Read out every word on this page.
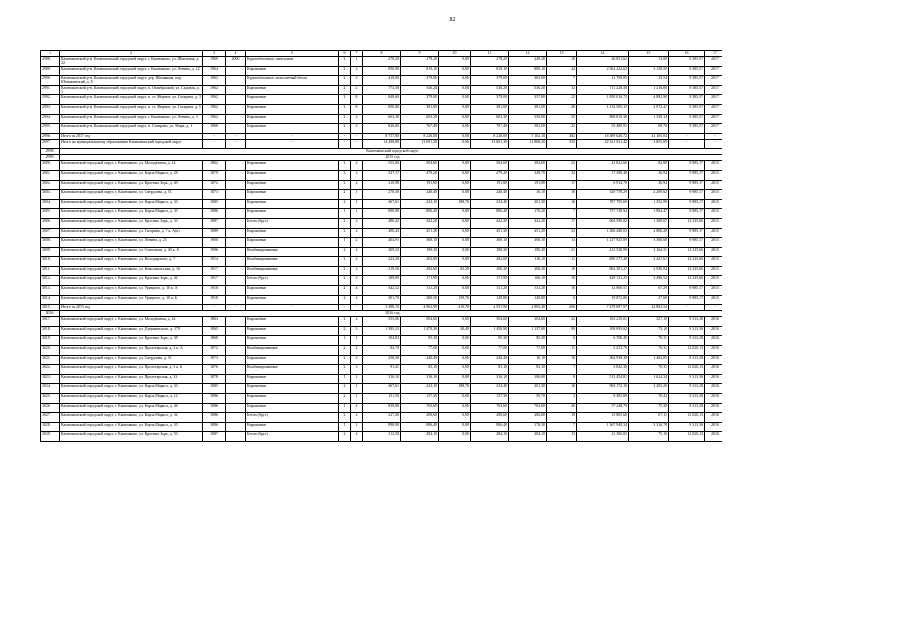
82
1	2	3	4	5	6	7	8	9	10	11	12	13	14	15	16	17
2988.	Камешковский р-н, Камешковский городской округ, г. Камешково, ул. Школьная, д. 22	1960	2000	Крупноблочные, панельные	2	1	278,20	278,20	0,00	278,20	249,30	18	26 851,62	74,80	9 385,57	2017
2989.	Камешковский р-н, Камешковский городской округ, г. Камешково, ул. Ленина, д. 12	1964		Кирпичные	2	2	850,90	819,10	0,00	819,10	800,10	44	2 564 222,63	3 130,59	9 385,57	2017
2990.	Камешковский р-н, Камешковский городской округ, дер. Шемякина, пер. Шемякинский, д. 8	1962		Крупноблочные, монолитный бетон	2	2	419,00	379,00	0,00	379,00	365,00	7	12 709,85	33,54	9 385,57	2017
2991.	Камешковский р-н, Камешковский городской округ, п. Октябрьский, ул. Садовая, д. 1	1962		Кирпичные	2	2	773,30	536,20	0,00	536,20	536,20	32	711 226,38	1 216,80	9 385,57	2017
2992.	Камешковский р-н, Камешковский городской округ, п. ст. Мирное, ул. Гагарина, д. 3	1962		Кирпичные	2	8	848,60	379,00	0,00	379,00	357,80	22	1 850 016,72	4 882,90	9 385,57	2017
2993.	Камешковский р-н, Камешковский городской округ, п. ст. Мирное, ул. Гагарина, д. 5	1962		Кирпичные	2	8	850,00	381,00	0,00	381,00	381,00	26	1 132 505,33	2 972,41	9 385,57	2017
2994.	Камешковский р-н, Камешковский городской округ, г. Камешково, ул. Ленина, д. 3	1962		Кирпичные	2	2	603,30	603,30	0,00	603,30	550,80	35	808 819,36	1 339,14	9 385,57	2017
2995.	Камешковский р-н, Камешковский городской округ, п. Ставрово, ул. Мира, д. 1	1968		Кирпичные	2	2	826,60	767,40	0,00	767,40	582,00	22	53 480,91	69,70	9 385,57	2017
2996.	Итого за 2017 год	-	-	-	-	-	8 757,80	8 226,00	0,00	8 226,00	7 162,10	482	16 389 626,72	41 165,04	-	-
2997.	Итого по муниципальному образованию Камешковский городской округ	-	-	-	-	-	14 498,80	13 691,30	0,00	13 691,30	11 808,20	535	22 321 921,42	3 855,09	-	-
2998.	Камешковский городской округ															
2999.	2015 год															
3000.	Камешковский городской округ, г. Камешково, ул. Молодёжная, д. 24	1862		Кирпичные	2	2	555,06	504,60	0,00	504,60	394,60	23	41 822,66	82,88	9 985,17	2015
3001.	Камешковский городской округ, г. Камешково, ул. Карла Маркса, д. 28	1879		Кирпичные	3	3	527,17	479,20	0,00	479,20	349,70	32	17 388,46	36,94	9 985,17	2015
3002.	Камешковский городской округ, г. Камешково, ул. Красных Зорь, д. 49	1872		Кирпичные	2	2	210,98	191,80	0,00	191,80	191,80	17	6 914,78	36,94	9 985,17	2015
3003.	Камешковский городской округ, г. Камешково, ул. Свердлова, д. 51	1873		Кирпичные	2	1	278,30	240,40	0,00	240,40	16,10	18	529 759,29	2 209,62	9 985,17	2015
3004.	Камешковский городской округ, г. Камешково, ул. Карла Маркса, д. 33	1885		Кирпичные	2	1	467,61	423,10	188,70	234,40	201,30	16	787 795,69	1 352,99	9 985,17	2015
3005.	Камешковский городской округ, г. Камешково, ул. Карла Маркса, д. 35	1886		Кирпичные	1	1	890,90	806,40	0,00	806,40	176,30	7	757 749,94	1 864,47	9 985,17	2015
3006.	Камешковский городской округ, г. Камешково, ул. Красных Зорь, д. 53	1887		Бетон (брус)	2	2	486,42	442,20	0,00	442,20	442,20	17	604 590,82	1 368,07	12 335,66	2015
3007.	Камешковский городской округ, г. Камешково, ул. Гагарина, д. 7 к. А(к)	1889		Кирпичные	2	2	496,43	451,30	0,00	451,30	451,20	23	1 266 440,03	2 806,20	9 985,17	2015
3008.	Камешковский городской округ, г. Камешково, ул. Ленина, д. 25	1900		Кирпичные	1	2	404,91	368,10	0,00	368,10	368,10	14	1 217 925,89	3 308,68	9 985,17	2015
3009.	Камешковский городской округ, г. Камешково, ул. Совхозная, д. 40 к. А	1906		Комбинированные	2	2	209,33	190,30	0,00	190,30	190,30	21	412 538,99	2 164,31	12 335,66	2015
3010.	Камешковский городской округ, г. Камешково, ул. Володарского, д. 7	1914		Комбинированные	2	2	222,20	202,00	0,00	202,00	116,10	11	490 577,40	2 427,61	12 335,66	2015
3011.	Камешковский городской округ, г. Камешково, ул. Комсомольская, д. 16	1917		Комбинированные	2	2	219,56	282,60	83,30	206,30	206,30	19	864 301,27	2 949,94	12 335,66	2015
3012.	Камешковский городской округ, г. Камешково, ул. Красных Зорь, д. 42	1917		Бетон (брус)	2	2	189,09	171,90	0,00	171,90	166,10	19	429 131,25	2 496,52	12 335,66	2015
3013.	Камешковский городской округ, г. Камешково, ул. Урицкого, д. 10 к. А	1918		Кирпичные	2	4	342,32	311,20	0,00	311,20	311,20	16	12 060,51	67,29	9 985,17	2015
3014.	Камешковский городской округ, г. Камешково, ул. Урицкого, д. 10 к. Б	1918		Кирпичные	2	2	301,70	280,50	139,70	149,80	149,80	6	19 872,86	37,68	9 985,17	2015
3015.	Итого за 2015 год	-	-	-	-	-	5 498,15	4 962,90	410,70	4 551,90	2 805,40	260	7 478 697,97	22 802,54	-	-
3016.	2016 год															
3017.	Камешковский городской округ, г. Камешково, ул. Молодёжная, д. 24	1863		Кирпичные	2	2	555,06	504,60	0,00	504,60	304,60	22	163 210,01	327,19	9 313,38	2016
3018.	Камешковский городской округ, г. Камешково, ул. Дзержинского, д. 179	1865		Кирпичные	2	3	1 585,23	1 479,30	28,40	1 450,90	1 137,80	99	108 095,82	73,10	9 313,38	2016
3019.	Камешковский городской округ, г. Камешково, ул. Красных Зорь, д. 38	1868		Кирпичные	1	1	104,83	95,30	0,00	95,30	95,30	6	6 708,49	70,31	9 313,38	2016
3020.	Камешковский городской округ, г. Камешково, ул. Пролетарская, д. 3 к. А	1872		Комбинированные	2	2	84,70	77,00	0,00	77,00	77,00	11	5 413,79	70,31	12 020,13	2016
3021.	Камешковский городской округ, г. Камешково, ул. Свердлова, д. 51	1873		Кирпичные	2	2	258,30	240,40	0,00	240,40	10,10	18	364 938,38	1 404,85	9 313,38	2016
3022.	Камешковский городской округ, г. Камешково, ул. Пролетарская, д. 3 к. Б	1876		Комбинированные	2	3	91,41	83,10	0,00	83,10	83,10	7	5 842,36	70,31	12 020,13	2016
3023.	Камешковский городской округ, г. Камешково, ул. Пролетарская, д. 12	1878		Кирпичные	1	1	316,10	316,10	0,00	316,10	106,60	8	513 454,81	1 624,34	9 313,38	2016
3024.	Камешковский городской округ, г. Камешково, ул. Карла Маркса, д. 33	1885		Кирпичные	2	1	467,61	423,10	188,70	234,40	201,30	16	904 172,10	2 203,20	9 313,38	2016
3025.	Камешковский городской округ, г. Камешково, ул. Карла Маркса, д. 12	1886		Кирпичные	2	1	151,50	137,30	0,00	137,30	59,70	3	9 383,89	70,43	9 313,38	2016
3026.	Камешковский городской округ, г. Камешково, ул. Карла Маркса, д. 26	1886		Кирпичные	1	4	839,96	763,60	0,00	763,60	763,60	26	57 248,79	75,30	9 313,38	2016
3027.	Камешковский городской округ, г. Камешково, ул. Карла Маркса, д. 32	1886		Бетон (брус)	2	2	227,26	206,60	0,00	206,60	206,60	19	13 865,66	67,11	12 020,13	2016
3028.	Камешковский городской округ, г. Камешково, ул. Карла Маркса, д. 35	1886		Кирпичные	1	1	890,90	806,40	0,00	806,40	176,30	7	1 367 940,34	3 316,78	9 313,38	2016
3029.	Камешковский городской округ, г. Камешково, ул. Красных Зорь, д. 53	1887		Бетон (брус)	2	2	312,50	284,10	0,00	284,10	284,10	13	21 306,82	75,10	12 020,13	2016
